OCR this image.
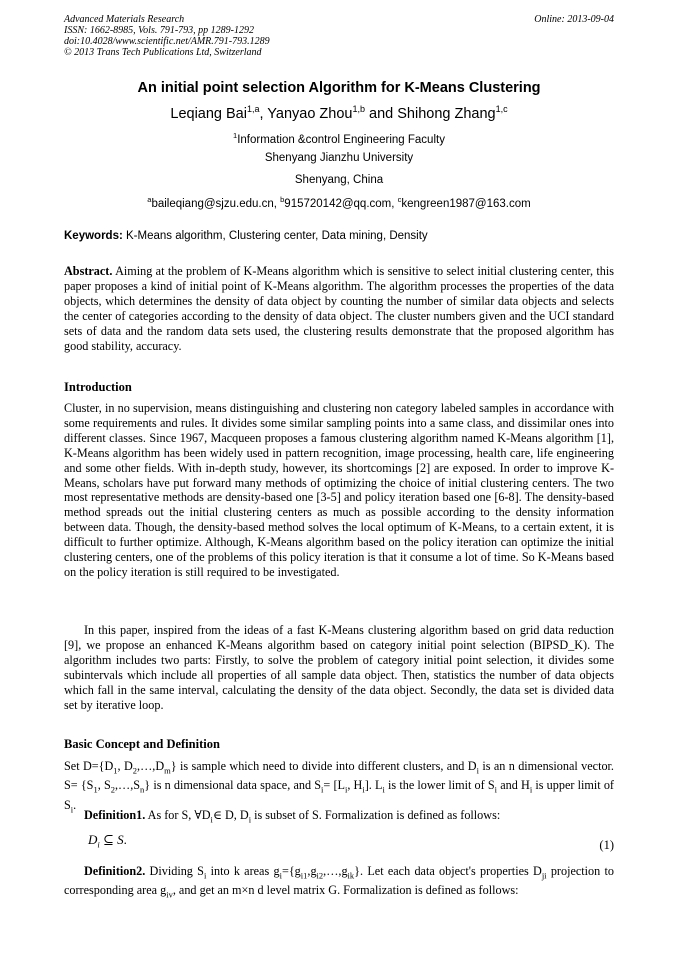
Advanced Materials Research
ISSN: 1662-8985, Vols. 791-793, pp 1289-1292
doi:10.4028/www.scientific.net/AMR.791-793.1289
© 2013 Trans Tech Publications Ltd, Switzerland
Online: 2013-09-04
An initial point selection Algorithm for K-Means Clustering
Leqiang Bai$^{1,a}$, Yanyao Zhou$^{1,b}$ and Shihong Zhang$^{1,c}$
$^1$Information &control Engineering Faculty
Shenyang Jianzhu University
Shenyang, China
$^a$baileqiang@sjzu.edu.cn, $^b$915720142@qq.com, $^c$kengreen1987@163.com
Keywords: K-Means algorithm, Clustering center, Data mining, Density
Abstract. Aiming at the problem of K-Means algorithm which is sensitive to select initial clustering center, this paper proposes a kind of initial point of K-Means algorithm. The algorithm processes the properties of the data objects, which determines the density of data object by counting the number of similar data objects and selects the center of categories according to the density of data object. The cluster numbers given and the UCI standard sets of data and the random data sets used, the clustering results demonstrate that the proposed algorithm has good stability, accuracy.
Introduction
Cluster, in no supervision, means distinguishing and clustering non category labeled samples in accordance with some requirements and rules. It divides some similar sampling points into a same class, and dissimilar ones into different classes. Since 1967, Macqueen proposes a famous clustering algorithm named K-Means algorithm [1], K-Means algorithm has been widely used in pattern recognition, image processing, health care, life engineering and some other fields. With in-depth study, however, its shortcomings [2] are exposed. In order to improve K-Means, scholars have put forward many methods of optimizing the choice of initial clustering centers. The two most representative methods are density-based one [3-5] and policy iteration based one [6-8]. The density-based method spreads out the initial clustering centers as much as possible according to the density information between data. Though, the density-based method solves the local optimum of K-Means, to a certain extent, it is difficult to further optimize. Although, K-Means algorithm based on the policy iteration can optimize the initial clustering centers, one of the problems of this policy iteration is that it consume a lot of time. So K-Means based on the policy iteration is still required to be investigated.
In this paper, inspired from the ideas of a fast K-Means clustering algorithm based on grid data reduction [9], we propose an enhanced K-Means algorithm based on category initial point selection (BIPSD_K). The algorithm includes two parts: Firstly, to solve the problem of category initial point selection, it divides some subintervals which include all properties of all sample data object. Then, statistics the number of data objects which fall in the same interval, calculating the density of the data object. Secondly, the data set is divided data set by iterative loop.
Basic Concept and Definition
Set $D=\{D_1$, $D_2,\dots,D_m$} is sample which need to divide into different clusters, and $D_i$ is an n dimensional vector. $S= \{S_1$, $S_2,\dots,S_n$} is n dimensional data space, and $S_i= [L_i$, $H_i$]. $L_i$ is the lower limit of $S_i$ and $H_i$ is upper limit of $S_i$.
Definition1. As for S, $\forall D_i\in$ D, $D_i$ is subset of S. Formalization is defined as follows:
$D_i$ ⊆ S.	(1)
Definition2. Dividing $S_i$ into k areas $g_i=\{g_{i1},g_{i2},\dots,g_{ik}\}$. Let each data object's properties $D_{ji}$ projection to corresponding area $g_{iv}$, and get an m×n d level matrix G. Formalization is defined as follows:
